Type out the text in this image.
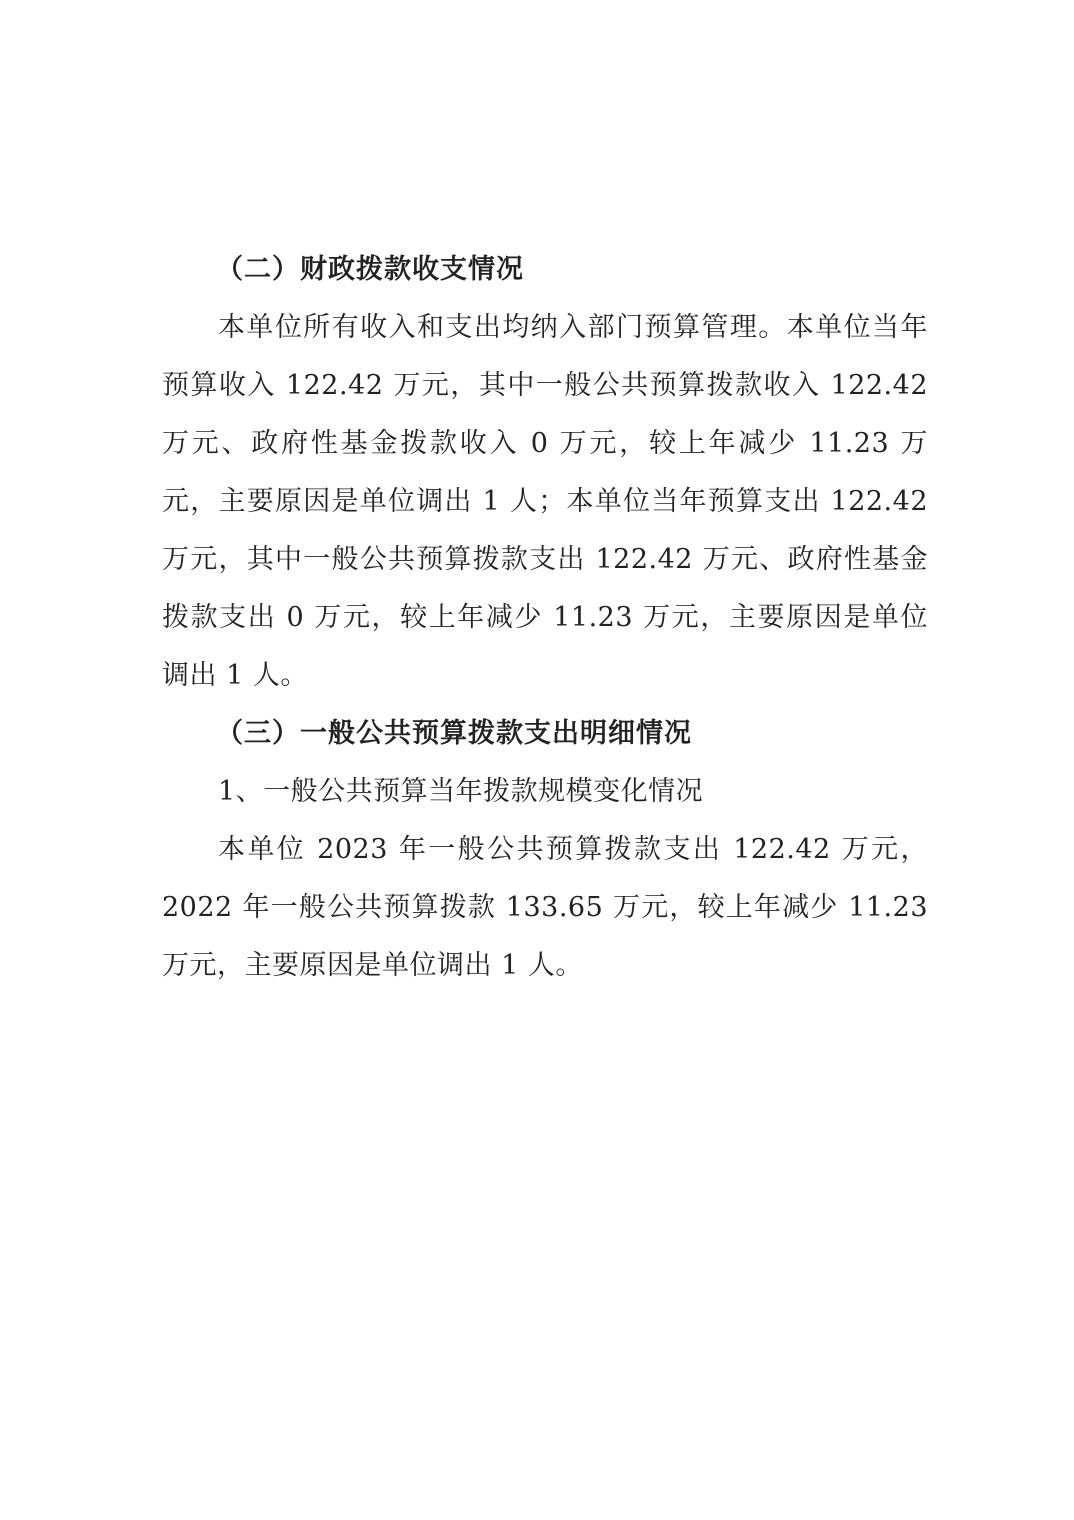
（二）财政拨款收支情况

本单位所有收入和支出均纳入部门预算管理。本单位当年预算收入 122.42 万元，其中一般公共预算拨款收入 122.42 万元、政府性基金拨款收入 0 万元，较上年减少 11.23 万元，主要原因是单位调出 1 人；本单位当年预算支出 122.42 万元，其中一般公共预算拨款支出 122.42 万元、政府性基金拨款支出 0 万元，较上年减少 11.23 万元，主要原因是单位调出 1 人。

（三）一般公共预算拨款支出明细情况

1、一般公共预算当年拨款规模变化情况

本单位 2023 年一般公共预算拨款支出 122.42 万元，2022 年一般公共预算拨款 133.65 万元，较上年减少 11.23 万元，主要原因是单位调出 1 人。
